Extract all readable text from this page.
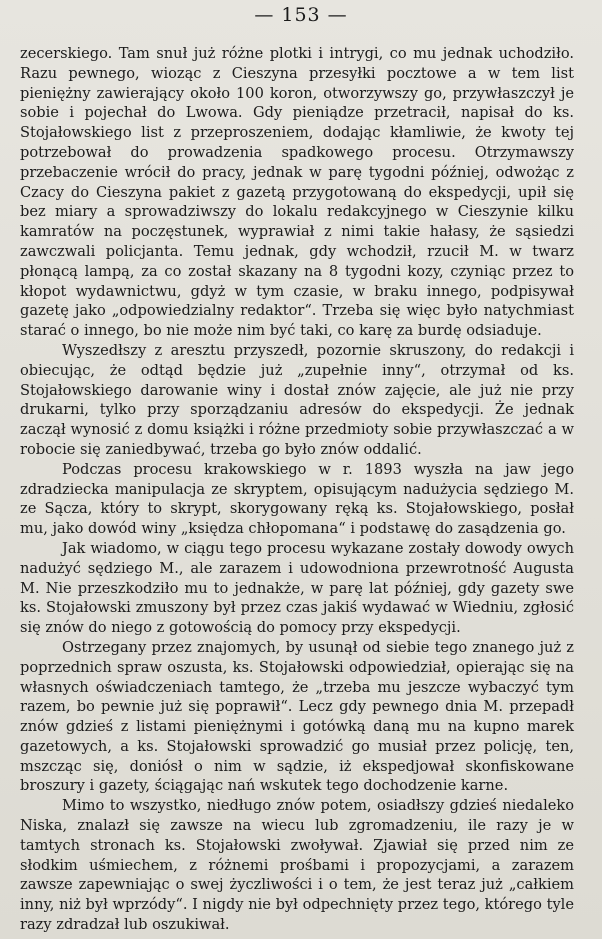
— 153 —

zecerskiego. Tam snuł już różne plotki i intrygi, co mu jednak uchodziło. Razu pewnego, wioząc z Cieszyna przesyłki pocztowe a w tem list pieniężny zawierający około 100 koron, otworzywszy go, przywłaszczył je sobie i pojechał do Lwowa. Gdy pieniądze przetracił, napisał do ks. Stojałowskiego list z przeproszeniem, dodając kłamliwie, że kwoty tej potrzebował do prowadzenia spadkowego procesu. Otrzymawszy przebaczenie wrócił do pracy, jednak w parę tygodni później, odwożąc z Czacy do Cieszyna pakiet z gazetą przygotowaną do ekspedycji, upił się bez miary a sprowadziwszy do lokalu redakcyjnego w Cieszynie kilku kamratów na poczęstunek, wyprawiał z nimi takie hałasy, że sąsiedzi zawczwali policjanta. Temu jednak, gdy wchodził, rzucił M. w twarz płonącą lampą, za co został skazany na 8 tygodni kozy, czyniąc przez to kłopot wydawnictwu, gdyż w tym czasie, w braku innego, podpisywał gazetę jako „odpowiedzialny redaktor“. Trzeba się więc było natychmiast starać o innego, bo nie może nim być taki, co karę za burdę odsiaduje.

Wyszedłszy z aresztu przyszedł, pozornie skruszony, do redakcji i obiecując, że odtąd będzie już „zupełnie inny“, otrzymał od ks. Stojałowskiego darowanie winy i dostał znów zajęcie, ale już nie przy drukarni, tylko przy sporządzaniu adresów do ekspedycji. Że jednak zaczął wynosić z domu książki i różne przedmioty sobie przywłaszczać a w robocie się zaniedbywać, trzeba go było znów oddalić.

Podczas procesu krakowskiego w r. 1893 wyszła na jaw jego zdradziecka manipulacja ze skryptem, opisującym nadużycia sędziego M. ze Sącza, który to skrypt, skorygowany ręką ks. Stojałowskiego, posłał mu, jako dowód winy „księdza chłopomana“ i podstawę do zasądzenia go.

Jak wiadomo, w ciągu tego procesu wykazane zostały dowody owych nadużyć sędziego M., ale zarazem i udowodniona przewrotność Augusta M. Nie przeszkodziło mu to jednakże, w parę lat później, gdy gazety swe ks. Stojałowski zmuszony był przez czas jakiś wydawać w Wiedniu, zgłosić się znów do niego z gotowością do pomocy przy ekspedycji.

Ostrzegany przez znajomych, by usunął od siebie tego znanego już z poprzednich spraw oszusta, ks. Stojałowski odpowiedział, opierając się na własnych oświadczeniach tamtego, że „trzeba mu jeszcze wybaczyć tym razem, bo pewnie już się poprawił“. Lecz gdy pewnego dnia M. przepadł znów gdzieś z listami pieniężnymi i gotówką daną mu na kupno marek gazetowych, a ks. Stojałowski sprowadzić go musiał przez policję, ten, mszcząc się, doniósł o nim w sądzie, iż ekspedjował skonfiskowane broszury i gazety, ściągając nań wskutek tego dochodzenie karne.

Mimo to wszystko, niedługo znów potem, osiadłszy gdzieś niedaleko Niska, znalazł się zawsze na wiecu lub zgromadzeniu, ile razy je w tamtych stronach ks. Stojałowski zwoływał. Zjawiał się przed nim ze słodkim uśmiechem, z różnemi prośbami i propozycjami, a zarazem zawsze zapewniając o swej życzliwości i o tem, że jest teraz już „całkiem inny, niż był wprzódy“. I nigdy nie był odpechnięty przez tego, którego tyle razy zdradzał lub oszukiwał.
